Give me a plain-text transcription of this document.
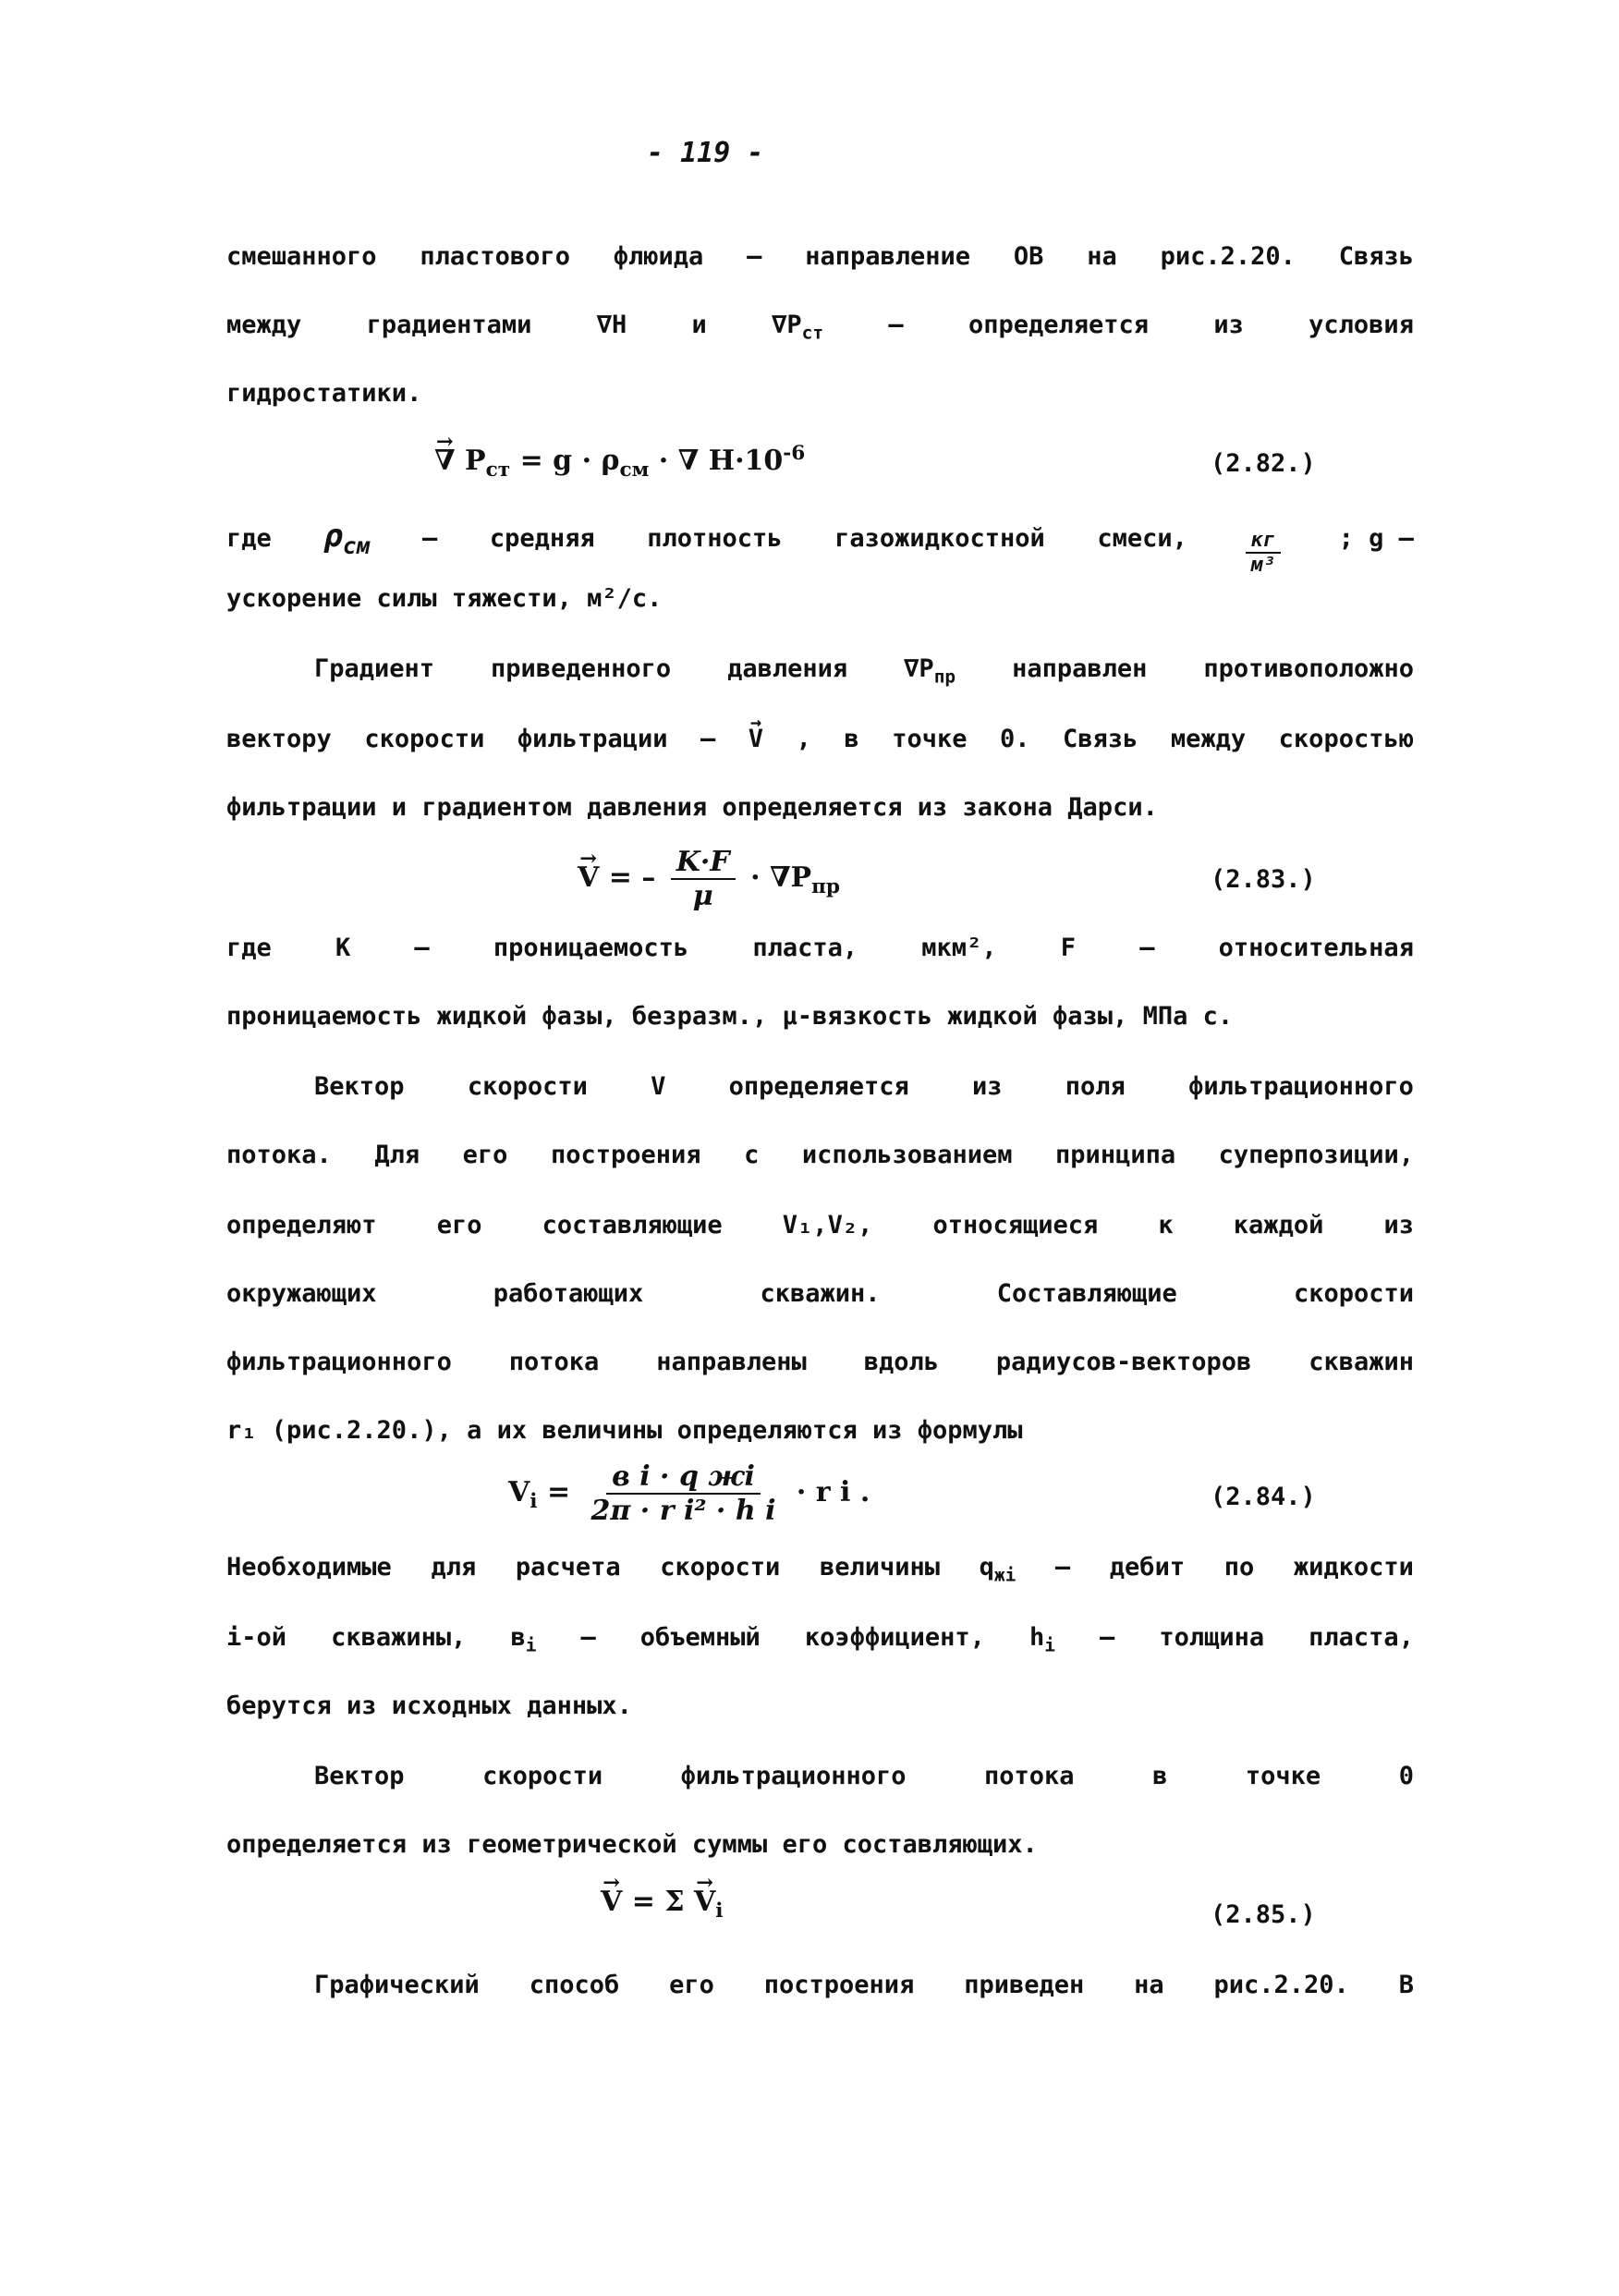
- 119 -
смешанного пластового флюида – направление ОВ на рис.2.20. Связь
между	градиентами	∇H	и	$\nabla P_{ст}$	–	определяется	из	условия
гидростатики.
→ ∇ $P_{ст} = g \cdot \rho_{см}$ · ∇ $H\cdot 10^{-6}$	(2.82.)
где $\rho_{см}$ – средняя плотность газожидкостной смеси,	$\frac{кг}{\text{м³}}$ ; g –
ускорение силы тяжести, м²/с.
Градиент приведенного давления $\nabla P_{пр}$ направлен противоположно
вектору скорости фильтрации – → V , в точке 0. Связь между скоростью
фильтрации и градиентом давления определяется из закона Дарси.
→ V = – $\frac{K\cdot F}{\mu} \cdot \nabla P_{пр}$	(2.83.)
где	K	–	проницаемость	пласта,	мкм²,	F	–	относительная
проницаемость жидкой фазы, безразм., μ-вязкость жидкой фазы, МПа с.
Вектор	скорости	V	определяется	из	поля	фильтрационного
потока. Для его построения с использованием принципа суперпозиции,
определяют его составляющие V₁,V₂, относящиеся к каждой из
окружающих	работающих	скважин.	Составляющие	скорости
фильтрационного потока направлены вдоль радиусов-векторов скважин
r₁ (рис.2.20.), а их величины определяются из формулы
$V_i = \frac{\text{в i · q жi}}{\text{2π · r i² · h i}} \cdot r$ i .	(2.84.)
Необходимые для расчета скорости величины $q_{жi}$ – дебит по жидкости
i-ой скважины, $в_i$ – объемный коэффициент, $h_i$ – толщина пласта,
берутся из исходных данных.
Вектор	скорости	фильтрационного	потока	в	точке	0
определяется из геометрической суммы его составляющих.
→ $V = \Sigma \to V_i$	(2.85.)
Графический способ его построения приведен на рис.2.20. В
